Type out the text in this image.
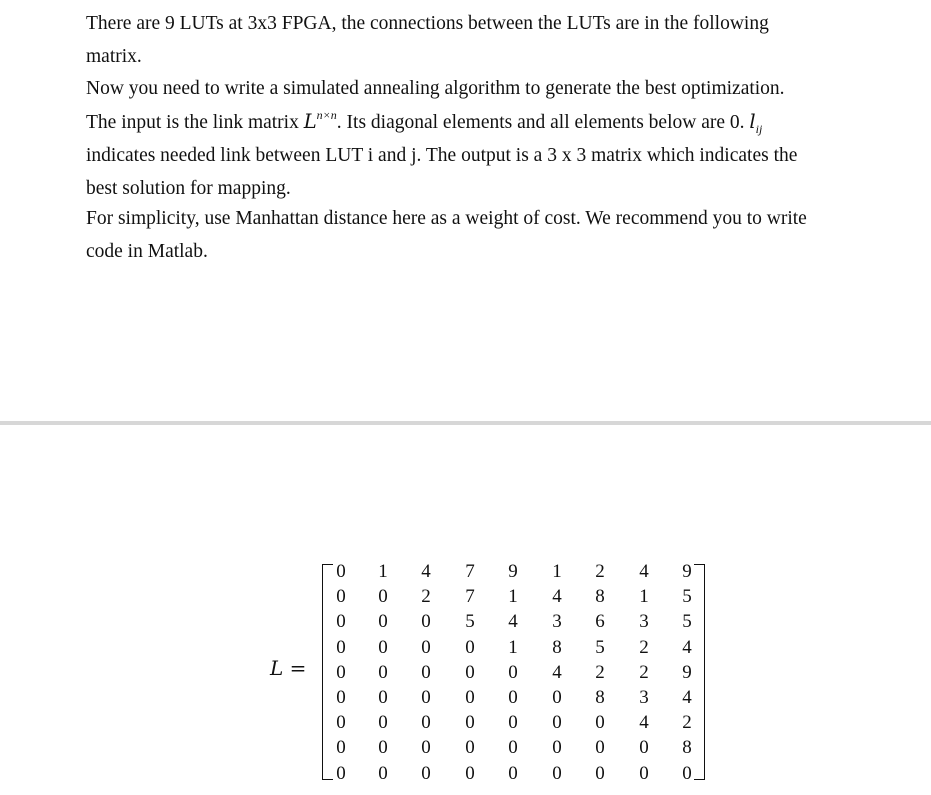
There are 9 LUTs at 3x3 FPGA, the connections between the LUTs are in the following
matrix.
Now you need to write a simulated annealing algorithm to generate the best optimization.
The input is the link matrix $L^{n\times n}$. Its diagonal elements and all elements below are 0. $l_{ij}$
indicates needed link between LUT i and j. The output is a 3 x 3 matrix which indicates the
best solution for mapping.
For simplicity, use Manhattan distance here as a weight of cost. We recommend you to write
code in Matlab.
L =
0 1 4 7 9 1 2 4 9
0 0 2 7 1 4 8 1 5
0 0 0 5 4 3 6 3 5
0 0 0 0 1 8 5 2 4
0 0 0 0 0 4 2 2 9
0 0 0 0 0 0 8 3 4
0 0 0 0 0 0 0 4 2
0 0 0 0 0 0 0 0 8
0 0 0 0 0 0 0 0 0
